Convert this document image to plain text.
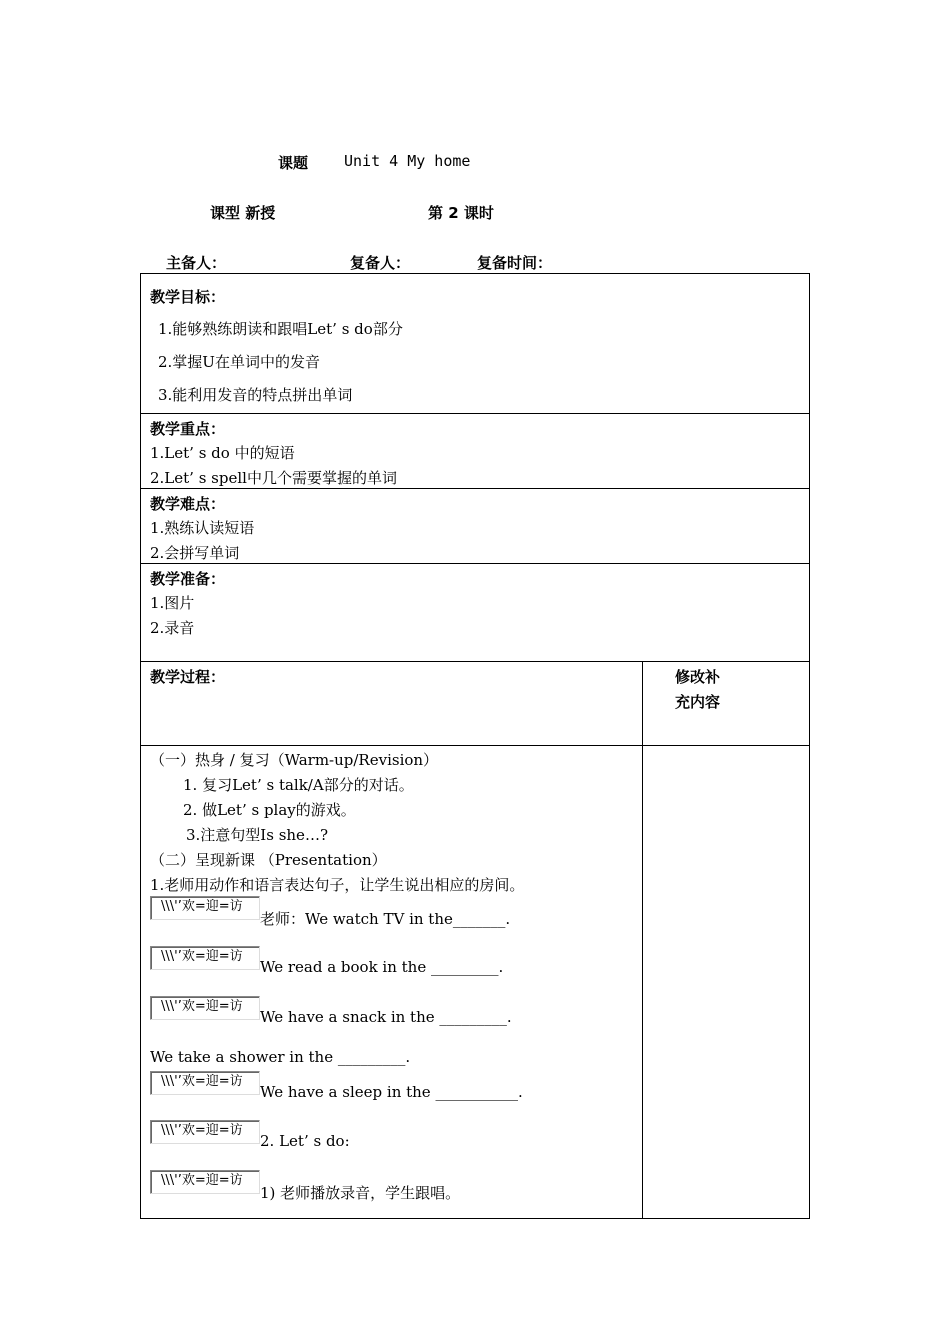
课题 Unit 4 My home
课型 新授	第 2 课时
主备人：	复备人：	复备时间：
教学目标：
1.能够熟练朗读和跟唱Let’ s do部分
2.掌握U在单词中的发音
3.能利用发音的特点拼出单词
教学重点：
1.Let’ s do 中的短语
2.Let’ s spell中几个需要掌握的单词
教学难点：
1.熟练认读短语
2.会拼写单词
教学准备：
1.图片
2.录音
教学过程：	修改补
充内容
（一）热身 / 复习（Warm-up/Revision）
1. 复习Let’ s talk/A部分的对话。
2. 做Let’ s play的游戏。
3.注意句型Is she…?
（二）呈现新课 （Presentation）
1.老师用动作和语言表达句子，让学生说出相应的房间。
\\\'’欢=迎=访
老师：We watch TV in the_______.
\\\'’欢=迎=访
We read a book in the _________.
\\\'’欢=迎=访
We have a snack in the _________.
We take a shower in the _________.
\\\'’欢=迎=访
We have a sleep in the ___________.
\\\'’欢=迎=访
2. Let’ s do:
\\\'’欢=迎=访
1) 老师播放录音，学生跟唱。
